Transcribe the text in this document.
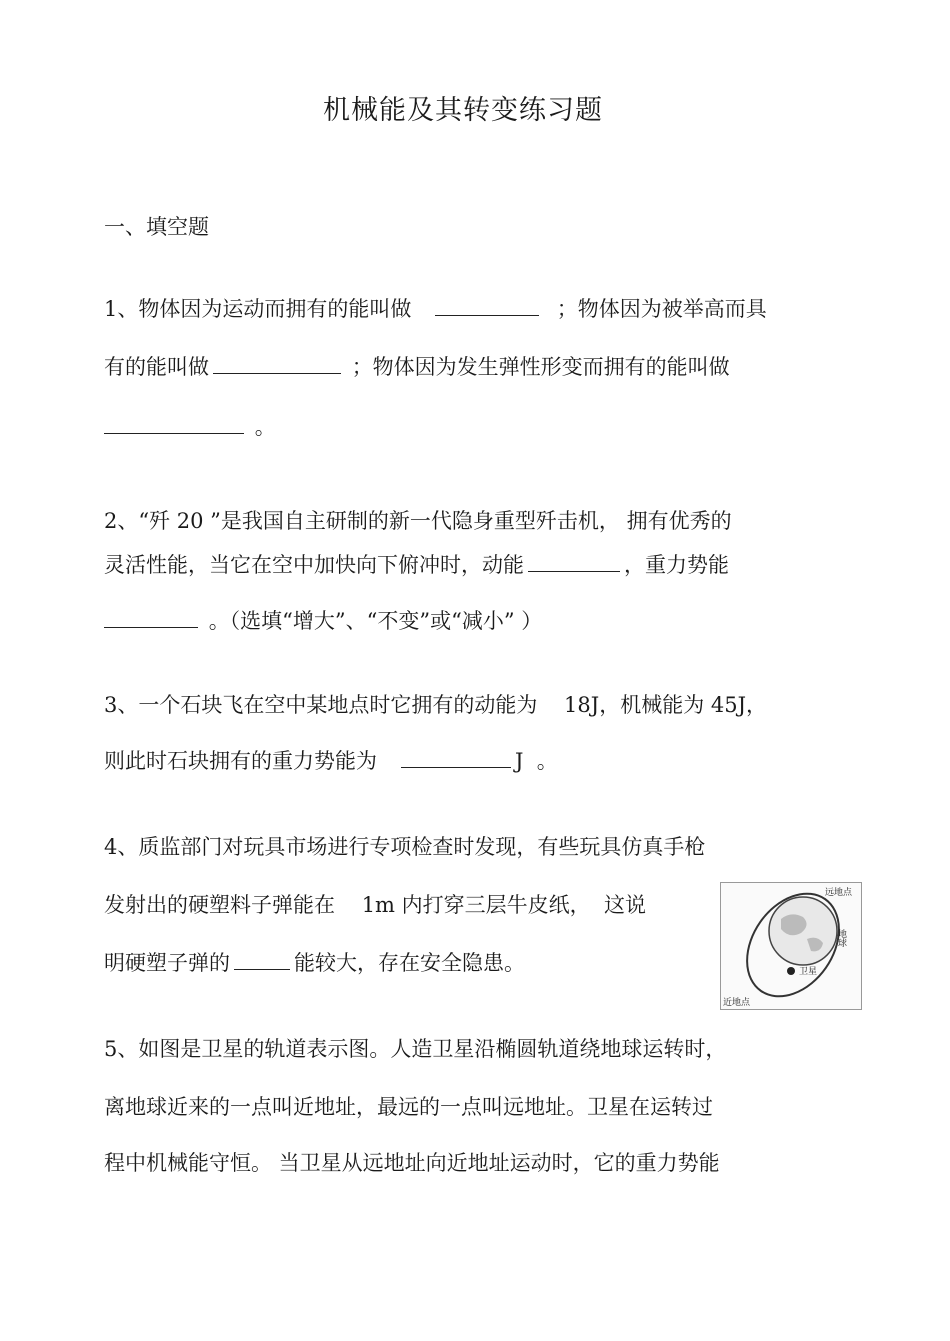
机械能及其转变练习题
一、填空题
1、物体因为运动而拥有的能叫做	；物体因为被举高而具
有的能叫做	；物体因为发生弹性形变而拥有的能叫做
。
2、“歼 20 ”是我国自主研制的新一代隐身重型歼击机， 拥有优秀的
灵活性能，当它在空中加快向下俯冲时，动能	，重力势能
。（选填“增大”、“不变”或“减小” ）
3、一个石块飞在空中某地点时它拥有的动能为    18J，机械能为 45J，
则此时石块拥有的重力势能为	J  。
4、质监部门对玩具市场进行专项检查时发现，有些玩具仿真手枪
发射出的硬塑料子弹能在    1m 内打穿三层牛皮纸，  这说
明硬塑子弹的	能较大，存在安全隐患。
远地点
地球
卫星
近地点
5、如图是卫星的轨道表示图。人造卫星沿椭圆轨道绕地球运转时，
离地球近来的一点叫近地址，最远的一点叫远地址。卫星在运转过
程中机械能守恒。 当卫星从远地址向近地址运动时，它的重力势能
